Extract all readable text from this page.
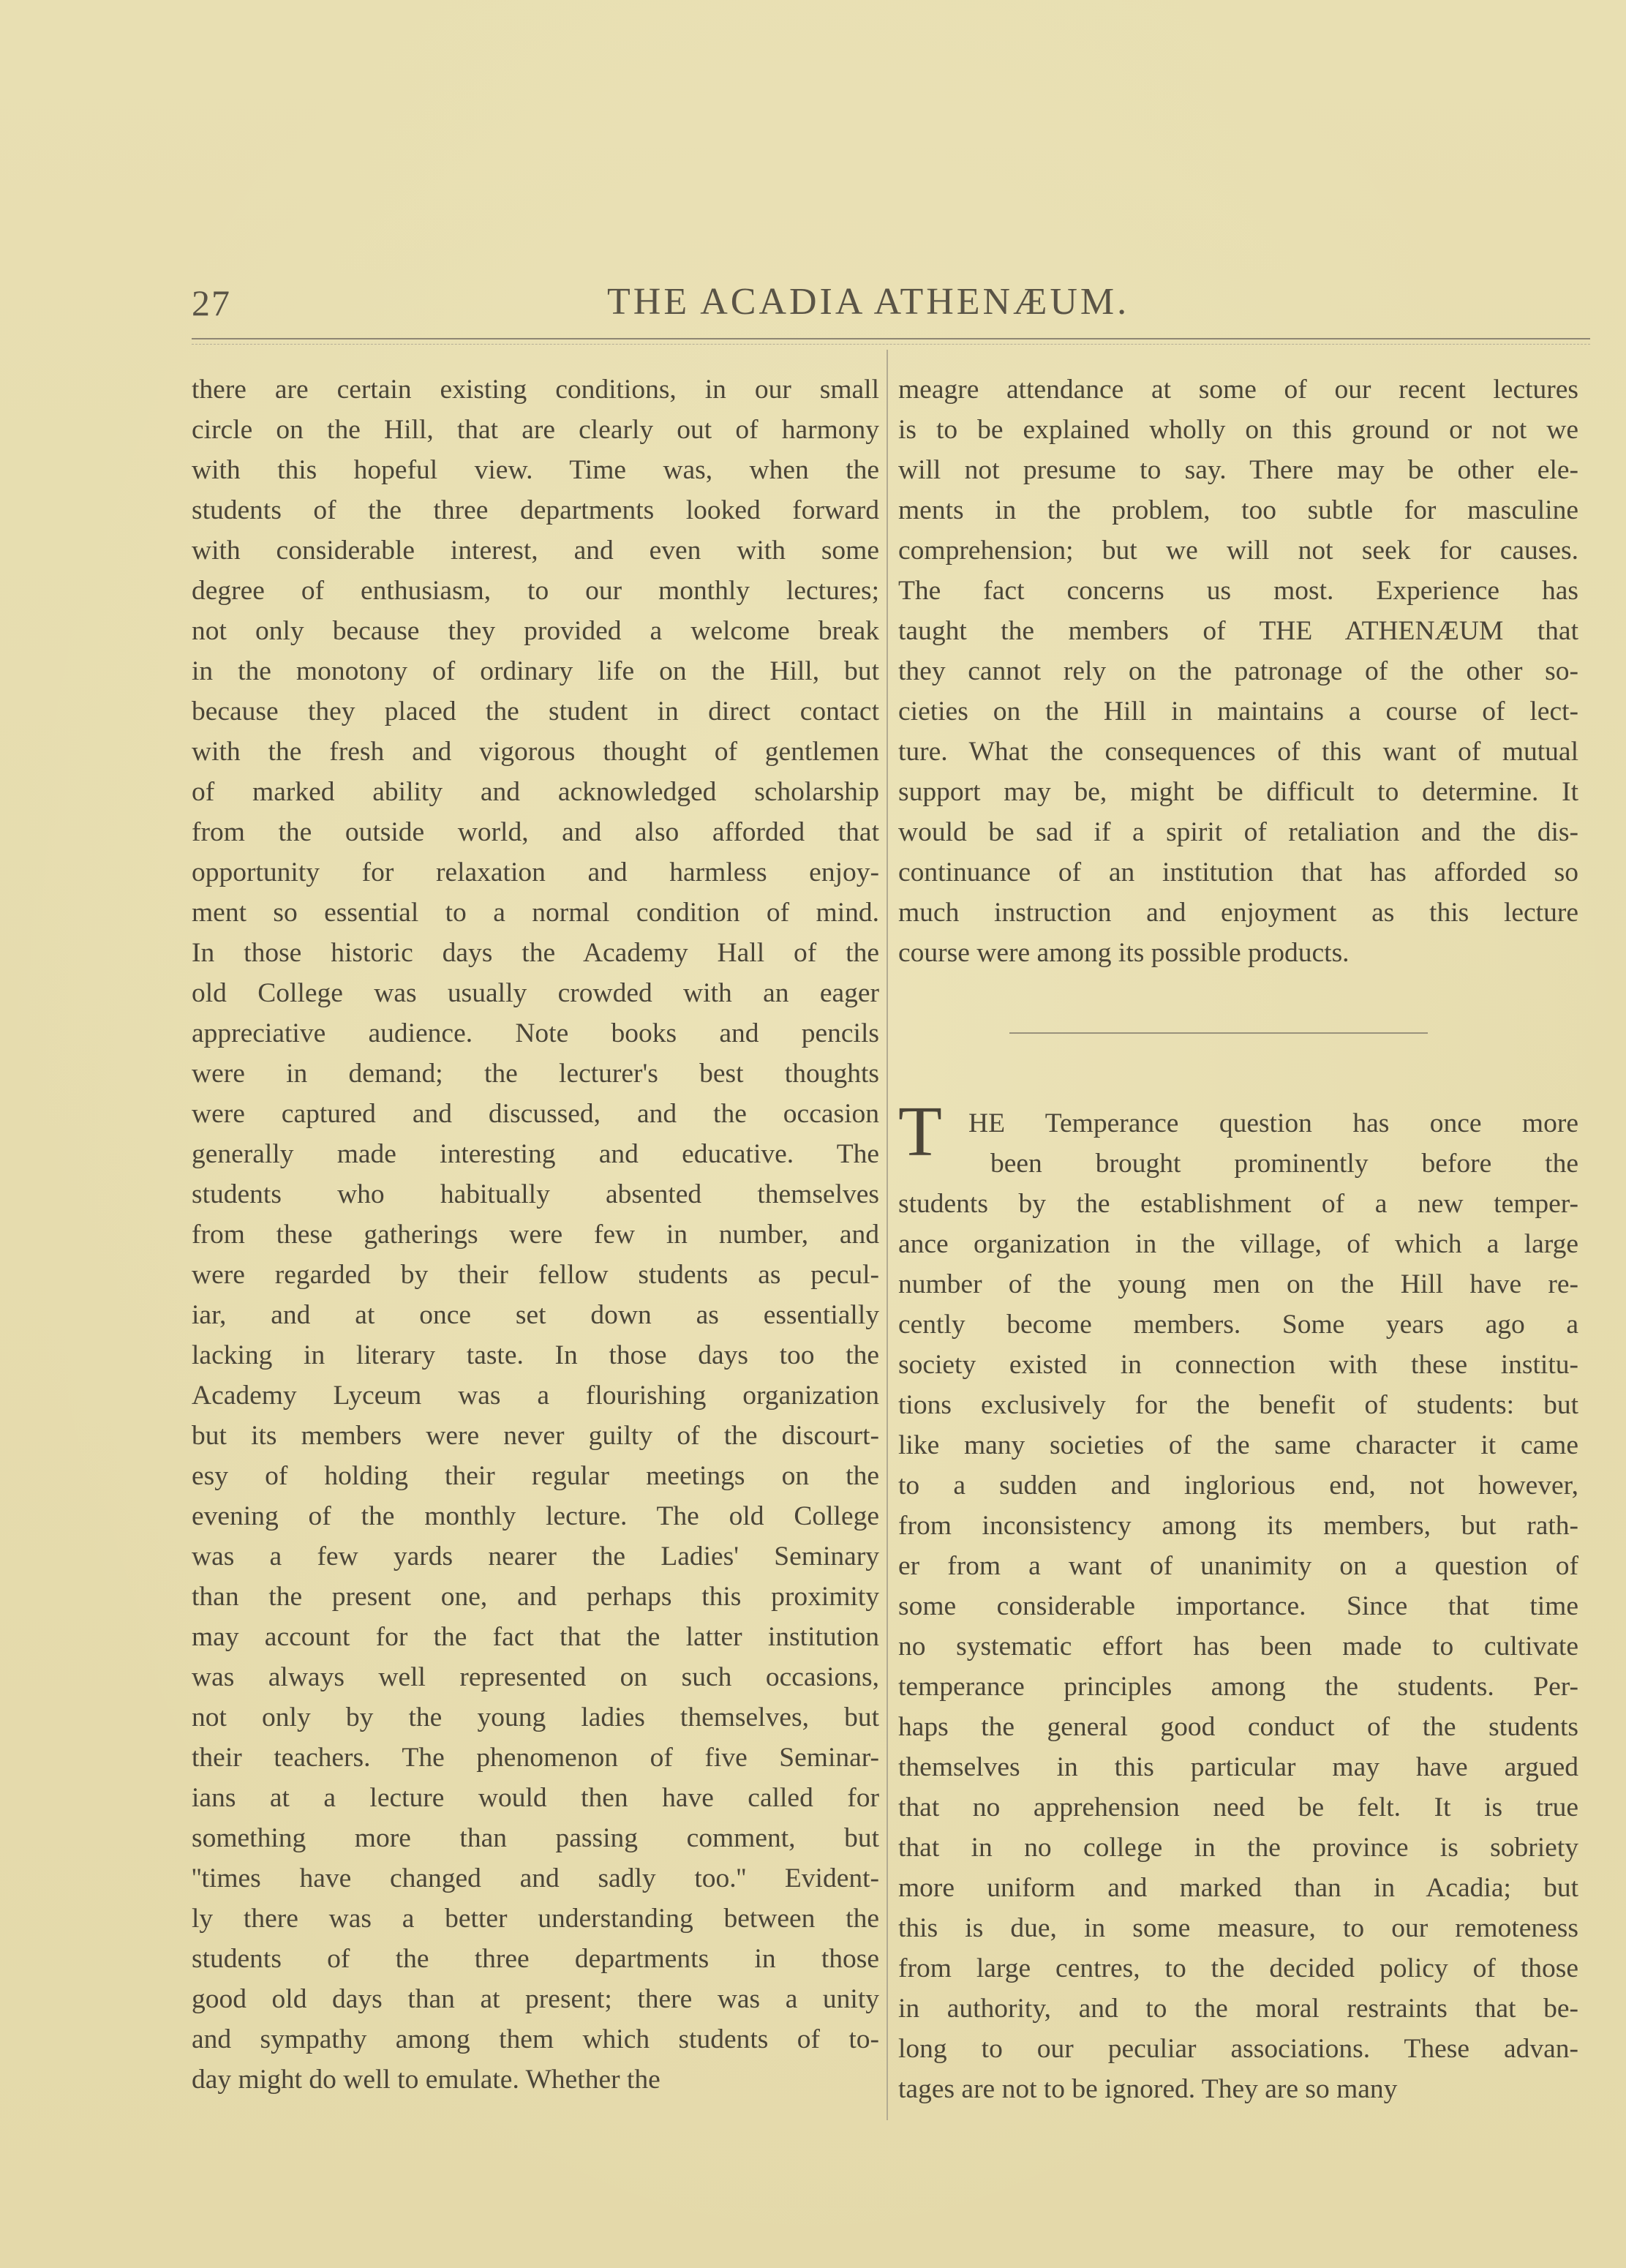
27	THE ACADIA ATHENÆUM.
there are certain existing conditions, in our small
circle on the Hill, that are clearly out of harmony
with this hopeful view. Time was, when the
students of the three departments looked forward
with considerable interest, and even with some
degree of enthusiasm, to our monthly lectures;
not only because they provided a welcome break
in the monotony of ordinary life on the Hill, but
because they placed the student in direct contact
with the fresh and vigorous thought of gentlemen
of marked ability and acknowledged scholarship
from the outside world, and also afforded that
opportunity for relaxation and harmless enjoy-
ment so essential to a normal condition of mind.
In those historic days the Academy Hall of the
old College was usually crowded with an eager
appreciative audience. Note books and pencils
were in demand; the lecturer's best thoughts
were captured and discussed, and the occasion
generally made interesting and educative. The
students who habitually absented themselves
from these gatherings were few in number, and
were regarded by their fellow students as pecul-
iar, and at once set down as essentially
lacking in literary taste. In those days too the
Academy Lyceum was a flourishing organization
but its members were never guilty of the discourt-
esy of holding their regular meetings on the
evening of the monthly lecture. The old College
was a few yards nearer the Ladies' Seminary
than the present one, and perhaps this proximity
may account for the fact that the latter institution
was always well represented on such occasions,
not only by the young ladies themselves, but
their teachers. The phenomenon of five Seminar-
ians at a lecture would then have called for
something more than passing comment, but
''times have changed and sadly too.'' Evident-
ly there was a better understanding between the
students of the three departments in those
good old days than at present; there was a unity
and sympathy among them which students of to-
day might do well to emulate. Whether the
meagre attendance at some of our recent lectures
is to be explained wholly on this ground or not we
will not presume to say. There may be other ele-
ments in the problem, too subtle for masculine
comprehension; but we will not seek for causes.
The fact concerns us most. Experience has
taught the members of THE ATHENÆUM that
they cannot rely on the patronage of the other so-
cieties on the Hill in maintains a course of lect-
ture. What the consequences of this want of mutual
support may be, might be difficult to determine. It
would be sad if a spirit of retaliation and the dis-
continuance of an institution that has afforded so
much instruction and enjoyment as this lecture
course were among its possible products.
T HE Temperance question has once more
been brought prominently before the
students by the establishment of a new temper-
ance organization in the village, of which a large
number of the young men on the Hill have re-
cently become members. Some years ago a
society existed in connection with these institu-
tions exclusively for the benefit of students: but
like many societies of the same character it came
to a sudden and inglorious end, not however,
from inconsistency among its members, but rath-
er from a want of unanimity on a question of
some considerable importance. Since that time
no systematic effort has been made to cultivate
temperance principles among the students. Per-
haps the general good conduct of the students
themselves in this particular may have argued
that no apprehension need be felt. It is true
that in no college in the province is sobriety
more uniform and marked than in Acadia; but
this is due, in some measure, to our remoteness
from large centres, to the decided policy of those
in authority, and to the moral restraints that be-
long to our peculiar associations. These advan-
tages are not to be ignored. They are so many
